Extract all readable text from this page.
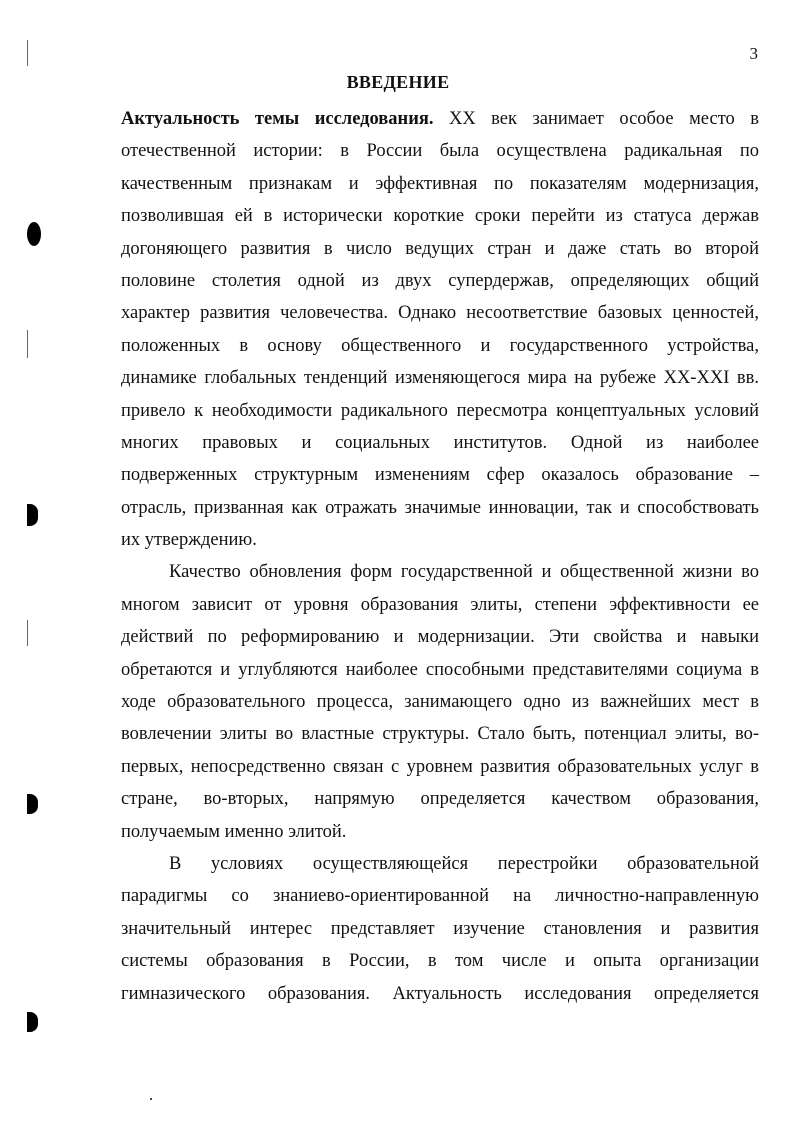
3
ВВЕДЕНИЕ
Актуальность темы исследования. XX век занимает особое место в
отечественной истории: в России была осуществлена радикальная по
качественным признакам и эффективная по показателям модернизация,
позволившая ей в исторически короткие сроки перейти из статуса держав
догоняющего развития в число ведущих стран и даже стать во второй
половине столетия одной из двух супердержав, определяющих общий
характер развития человечества. Однако несоответствие базовых ценностей,
положенных в основу общественного и государственного устройства,
динамике глобальных тенденций изменяющегося мира на рубеже XX-XXI вв.
привело к необходимости радикального пересмотра концептуальных условий
многих правовых и социальных институтов. Одной из наиболее
подверженных структурным изменениям сфер оказалось образование –
отрасль, призванная как отражать значимые инновации, так и способствовать
их утверждению.
Качество обновления форм государственной и общественной жизни во
многом зависит от уровня образования элиты, степени эффективности ее
действий по реформированию и модернизации. Эти свойства и навыки
обретаются и углубляются наиболее способными представителями социума в
ходе образовательного процесса, занимающего одно из важнейших мест в
вовлечении элиты во властные структуры. Стало быть, потенциал элиты, во-
первых, непосредственно связан с уровнем развития образовательных услуг в
стране, во-вторых, напрямую определяется качеством образования,
получаемым именно элитой.
В условиях осуществляющейся перестройки образовательной
парадигмы со знаниево-ориентированной на личностно-направленную
значительный интерес представляет изучение становления и развития
системы образования в России, в том числе и опыта организации
гимназического образования. Актуальность исследования определяется
